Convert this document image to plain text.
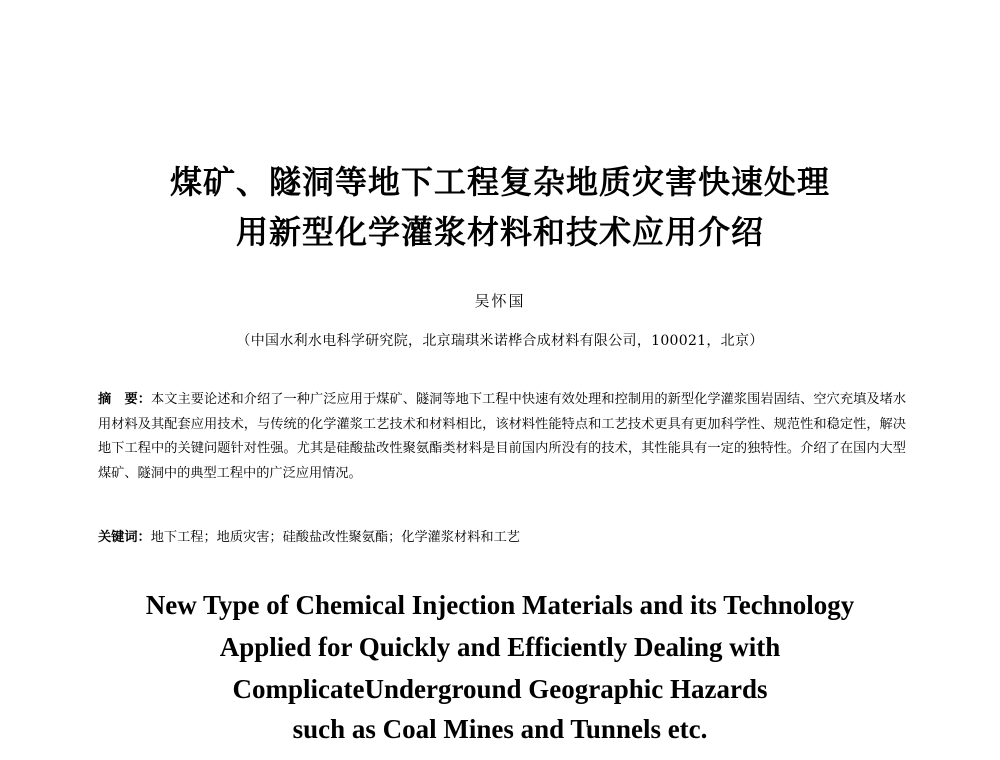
煤矿、隧洞等地下工程复杂地质灾害快速处理
用新型化学灌浆材料和技术应用介绍
吴怀国
（中国水利水电科学研究院，北京瑞琪米诺桦合成材料有限公司，100021，北京）
摘　要：本文主要论述和介绍了一种广泛应用于煤矿、隧洞等地下工程中快速有效处理和控制用的新型化学灌浆围岩固结、空穴充填及堵水用材料及其配套应用技术，与传统的化学灌浆工艺技术和材料相比，该材料性能特点和工艺技术更具有更加科学性、规范性和稳定性，解决地下工程中的关键问题针对性强。尤其是硅酸盐改性聚氨酯类材料是目前国内所没有的技术，其性能具有一定的独特性。介绍了在国内大型煤矿、隧洞中的典型工程中的广泛应用情况。
关键词：地下工程；地质灾害；硅酸盐改性聚氨酯；化学灌浆材料和工艺
New Type of Chemical Injection Materials and its Technology
Applied for Quickly and Efficiently Dealing with
ComplicateUnderground Geographic Hazards
such as Coal Mines and Tunnels etc.
